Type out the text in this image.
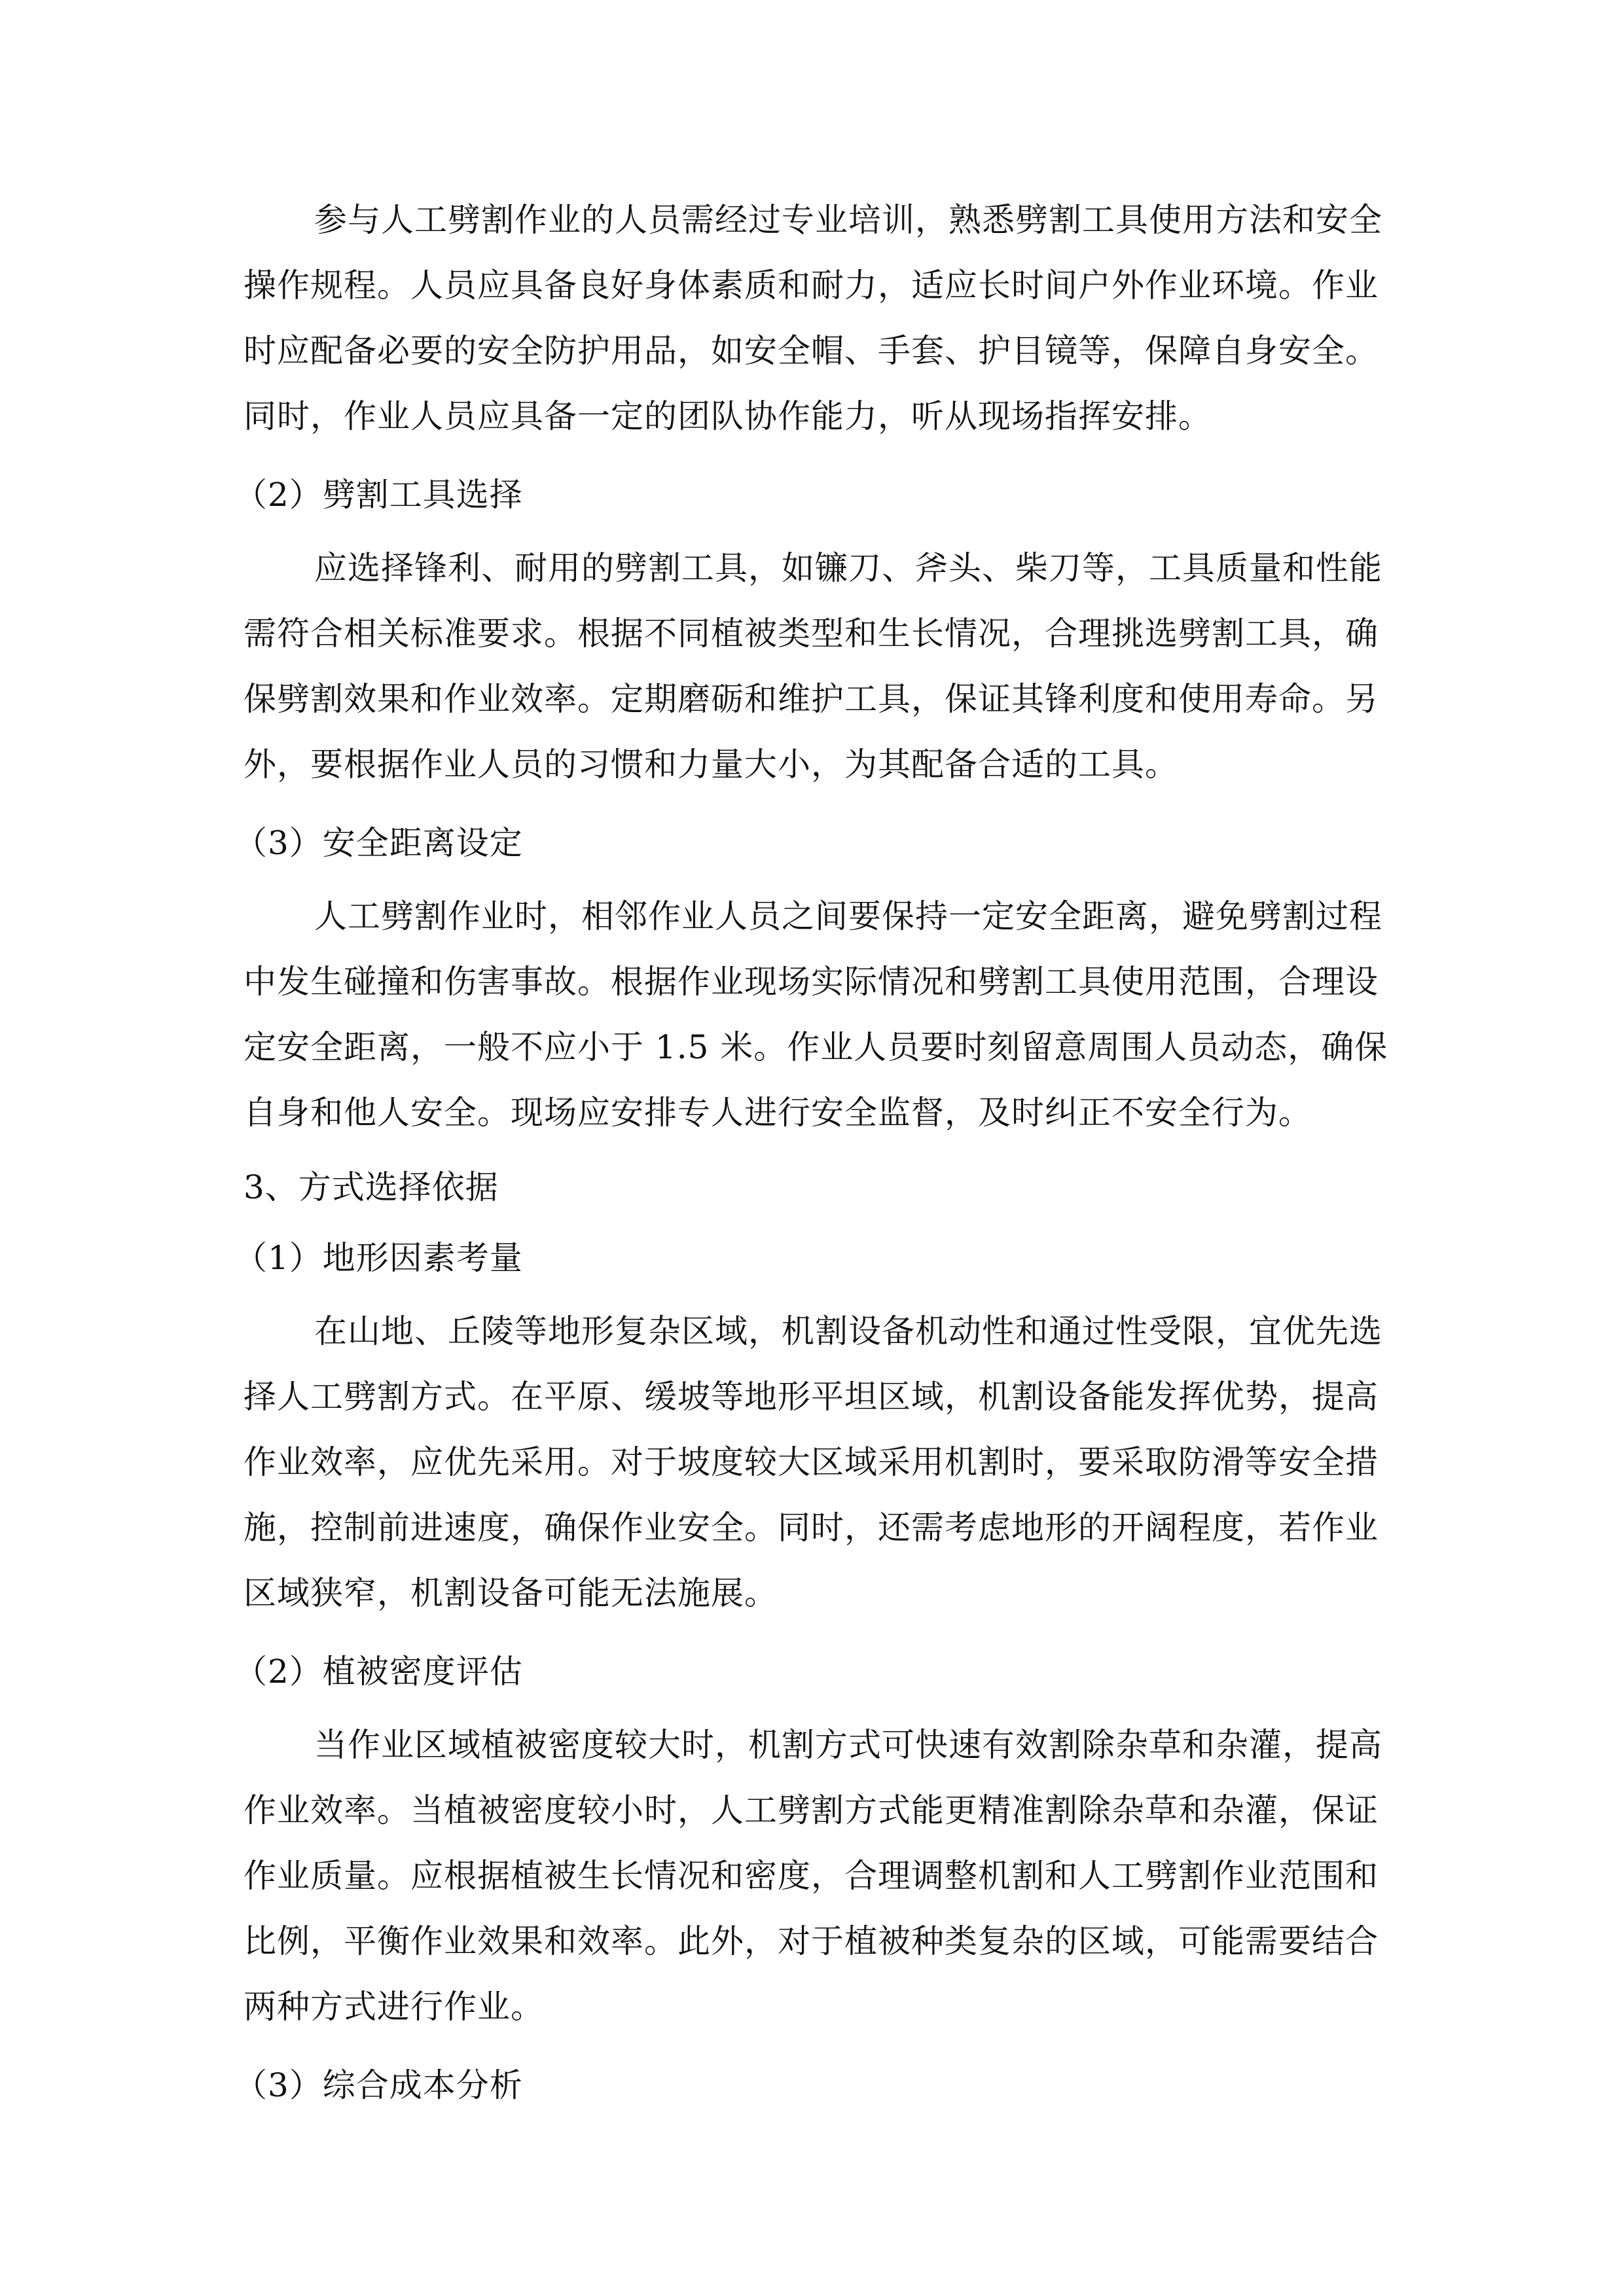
参与人工劈割作业的人员需经过专业培训，熟悉劈割工具使用方法和安全

操作规程。人员应具备良好身体素质和耐力，适应长时间户外作业环境。作业

时应配备必要的安全防护用品，如安全帽、手套、护目镜等，保障自身安全。

同时，作业人员应具备一定的团队协作能力，听从现场指挥安排。

（2）劈割工具选择

应选择锋利、耐用的劈割工具，如镰刀、斧头、柴刀等，工具质量和性能

需符合相关标准要求。根据不同植被类型和生长情况，合理挑选劈割工具，确

保劈割效果和作业效率。定期磨砺和维护工具，保证其锋利度和使用寿命。另

外，要根据作业人员的习惯和力量大小，为其配备合适的工具。

（3）安全距离设定

人工劈割作业时，相邻作业人员之间要保持一定安全距离，避免劈割过程

中发生碰撞和伤害事故。根据作业现场实际情况和劈割工具使用范围，合理设

定安全距离，一般不应小于 1.5 米。作业人员要时刻留意周围人员动态，确保

自身和他人安全。现场应安排专人进行安全监督，及时纠正不安全行为。

3、方式选择依据

（1）地形因素考量

在山地、丘陵等地形复杂区域，机割设备机动性和通过性受限，宜优先选

择人工劈割方式。在平原、缓坡等地形平坦区域，机割设备能发挥优势，提高

作业效率，应优先采用。对于坡度较大区域采用机割时，要采取防滑等安全措

施，控制前进速度，确保作业安全。同时，还需考虑地形的开阔程度，若作业

区域狭窄，机割设备可能无法施展。

（2）植被密度评估

当作业区域植被密度较大时，机割方式可快速有效割除杂草和杂灌，提高

作业效率。当植被密度较小时，人工劈割方式能更精准割除杂草和杂灌，保证

作业质量。应根据植被生长情况和密度，合理调整机割和人工劈割作业范围和

比例，平衡作业效果和效率。此外，对于植被种类复杂的区域，可能需要结合

两种方式进行作业。

（3）综合成本分析
